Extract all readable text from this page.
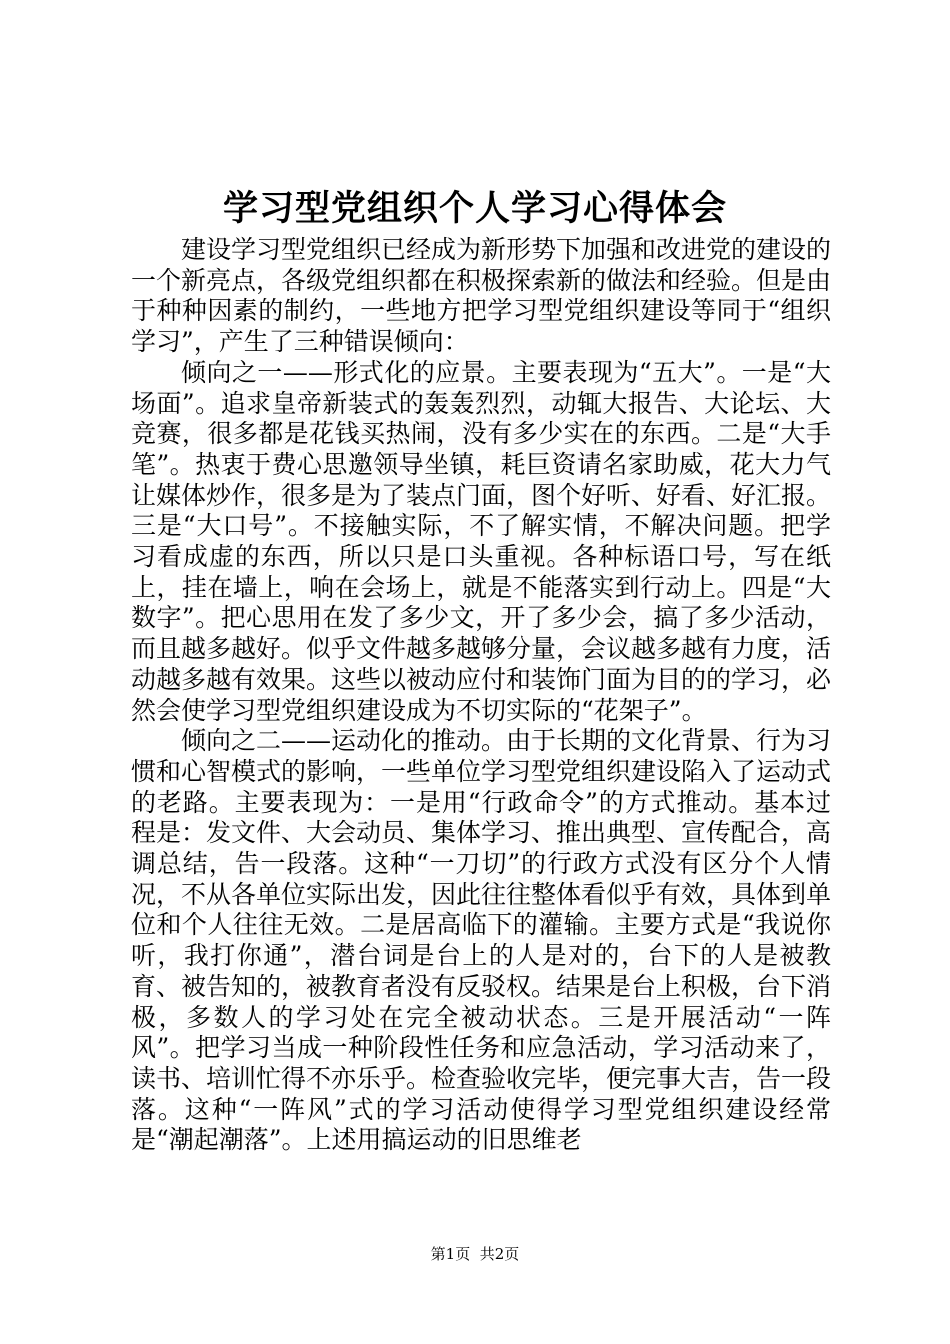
学习型党组织个人学习心得体会

建设学习型党组织已经成为新形势下加强和改进党的建设的一个新亮点，各级党组织都在积极探索新的做法和经验。但是由于种种因素的制约，一些地方把学习型党组织建设等同于“组织学习”，产生了三种错误倾向：

倾向之一——形式化的应景。主要表现为“五大”。一是“大场面”。追求皇帝新装式的轰轰烈烈，动辄大报告、大论坛、大竞赛，很多都是花钱买热闹，没有多少实在的东西。二是“大手笔”。热衷于费心思邀领导坐镇，耗巨资请名家助威，花大力气让媒体炒作，很多是为了装点门面，图个好听、好看、好汇报。三是“大口号”。不接触实际，不了解实情，不解决问题。把学习看成虚的东西，所以只是口头重视。各种标语口号，写在纸上，挂在墙上，响在会场上，就是不能落实到行动上。四是“大数字”。把心思用在发了多少文，开了多少会，搞了多少活动，而且越多越好。似乎文件越多越够分量，会议越多越有力度，活动越多越有效果。这些以被动应付和装饰门面为目的的学习，必然会使学习型党组织建设成为不切实际的“花架子”。

倾向之二——运动化的推动。由于长期的文化背景、行为习惯和心智模式的影响，一些单位学习型党组织建设陷入了运动式的老路。主要表现为：一是用“行政命令”的方式推动。基本过程是：发文件、大会动员、集体学习、推出典型、宣传配合，高调总结，告一段落。这种“一刀切”的行政方式没有区分个人情况，不从各单位实际出发，因此往往整体看似乎有效，具体到单位和个人往往无效。二是居高临下的灌输。主要方式是“我说你听，我打你通”，潜台词是台上的人是对的，台下的人是被教育、被告知的，被教育者没有反驳权。结果是台上积极，台下消极，多数人的学习处在完全被动状态。三是开展活动“一阵风”。把学习当成一种阶段性任务和应急活动，学习活动来了，读书、培训忙得不亦乐乎。检查验收完毕，便完事大吉，告一段落。这种“一阵风”式的学习活动使得学习型党组织建设经常是“潮起潮落”。上述用搞运动的旧思维老

第1页 共2页
